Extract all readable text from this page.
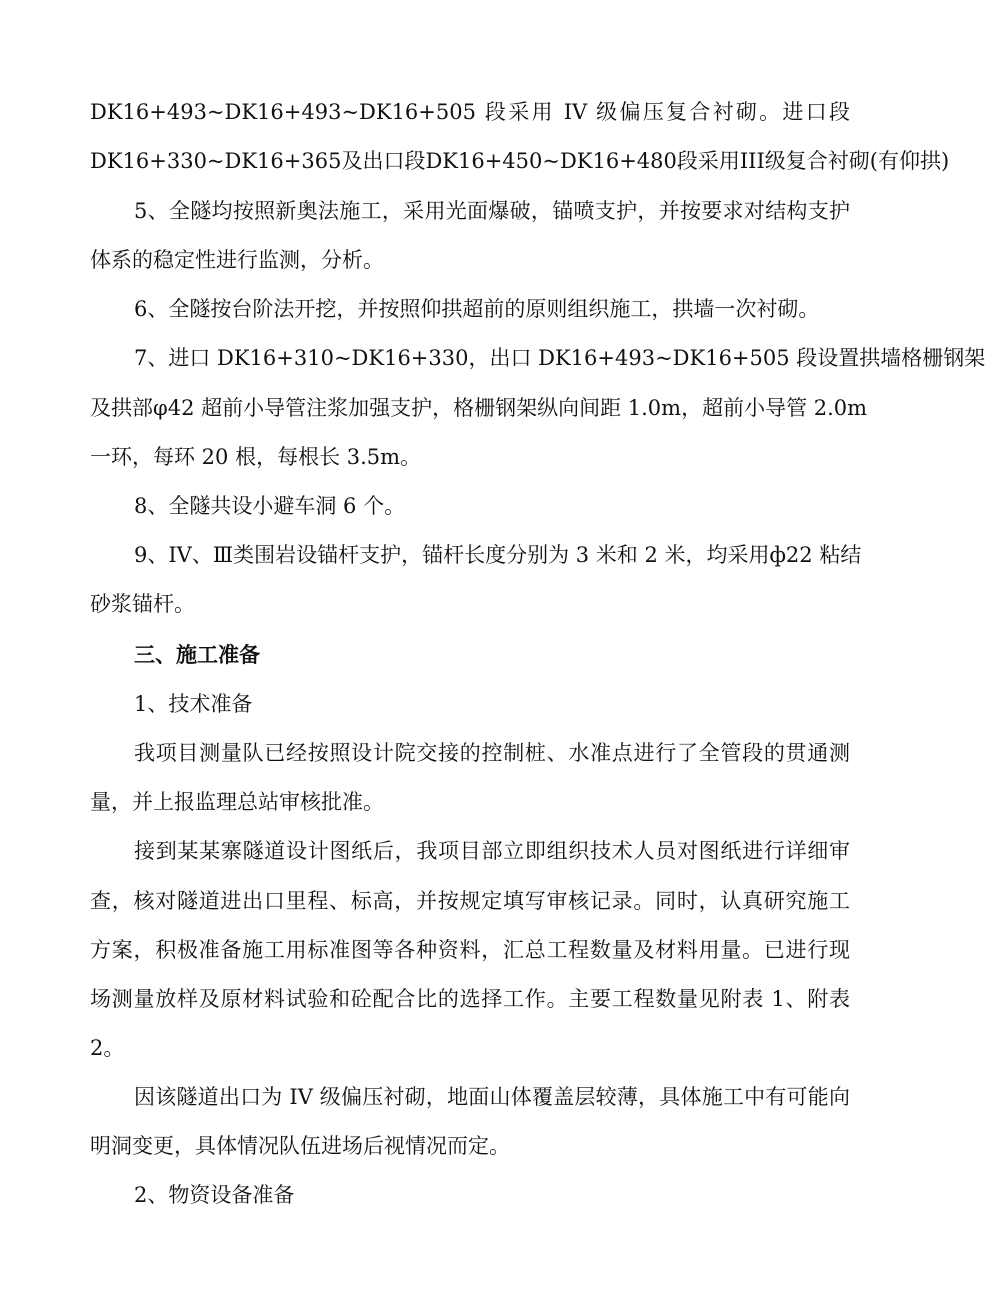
DK16+493~DK16+493~DK16+505 段采用 IV 级偏压复合衬砌。进口段
DK16+330~DK16+365及出口段DK16+450~DK16+480段采用III级复合衬砌(有仰拱)
5、全隧均按照新奥法施工，采用光面爆破，锚喷支护，并按要求对结构支护
体系的稳定性进行监测，分析。
6、全隧按台阶法开挖，并按照仰拱超前的原则组织施工，拱墙一次衬砌。
7、进口 DK16+310~DK16+330，出口 DK16+493~DK16+505 段设置拱墙格栅钢架
及拱部φ42 超前小导管注浆加强支护，格栅钢架纵向间距 1.0m，超前小导管 2.0m
一环，每环 20 根，每根长 3.5m。
8、全隧共设小避车洞 6 个。
9、IV、Ⅲ类围岩设锚杆支护，锚杆长度分别为 3 米和 2 米，均采用ф22 粘结
砂浆锚杆。
三、施工准备
1、技术准备
我项目测量队已经按照设计院交接的控制桩、水准点进行了全管段的贯通测
量，并上报监理总站审核批准。
接到某某寨隧道设计图纸后，我项目部立即组织技术人员对图纸进行详细审
查，核对隧道进出口里程、标高，并按规定填写审核记录。同时，认真研究施工
方案，积极准备施工用标准图等各种资料，汇总工程数量及材料用量。已进行现
场测量放样及原材料试验和砼配合比的选择工作。主要工程数量见附表 1、附表
2。
因该隧道出口为 IV 级偏压衬砌，地面山体覆盖层较薄，具体施工中有可能向
明洞变更，具体情况队伍进场后视情况而定。
2、物资设备准备
